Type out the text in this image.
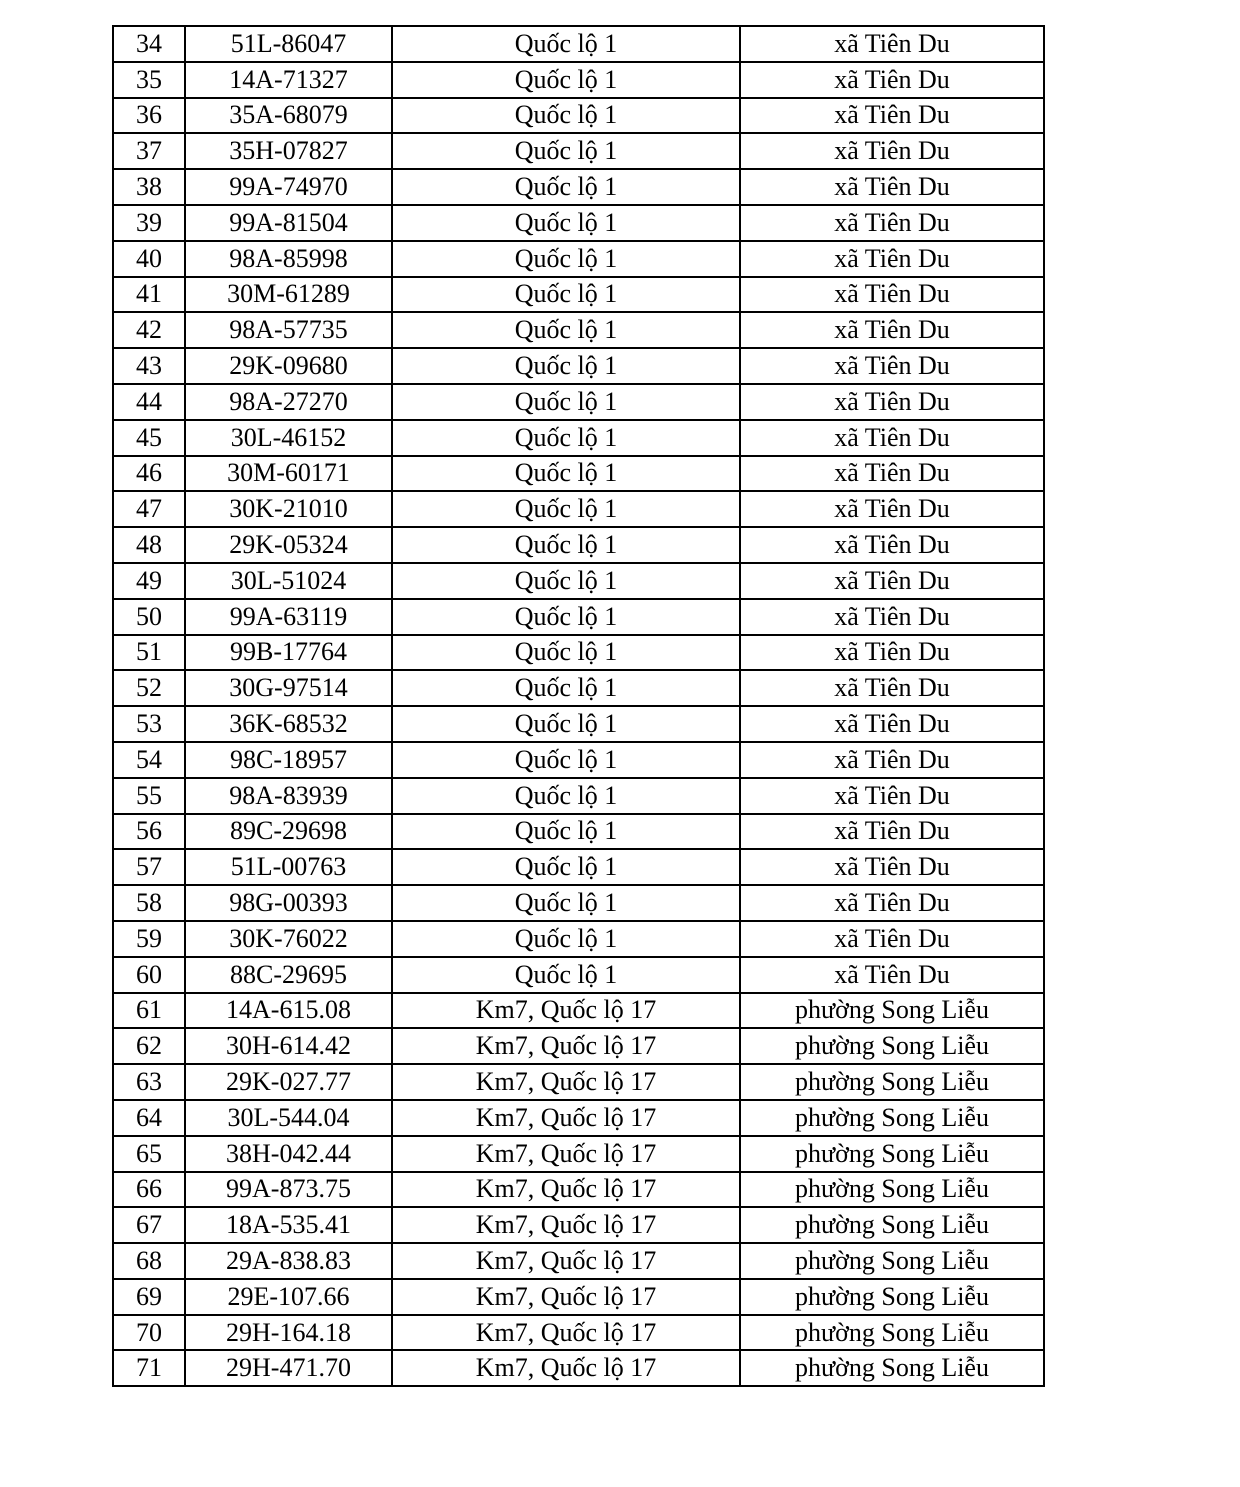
34	51L-86047	Quốc lộ 1	xã Tiên Du
35	14A-71327	Quốc lộ 1	xã Tiên Du
36	35A-68079	Quốc lộ 1	xã Tiên Du
37	35H-07827	Quốc lộ 1	xã Tiên Du
38	99A-74970	Quốc lộ 1	xã Tiên Du
39	99A-81504	Quốc lộ 1	xã Tiên Du
40	98A-85998	Quốc lộ 1	xã Tiên Du
41	30M-61289	Quốc lộ 1	xã Tiên Du
42	98A-57735	Quốc lộ 1	xã Tiên Du
43	29K-09680	Quốc lộ 1	xã Tiên Du
44	98A-27270	Quốc lộ 1	xã Tiên Du
45	30L-46152	Quốc lộ 1	xã Tiên Du
46	30M-60171	Quốc lộ 1	xã Tiên Du
47	30K-21010	Quốc lộ 1	xã Tiên Du
48	29K-05324	Quốc lộ 1	xã Tiên Du
49	30L-51024	Quốc lộ 1	xã Tiên Du
50	99A-63119	Quốc lộ 1	xã Tiên Du
51	99B-17764	Quốc lộ 1	xã Tiên Du
52	30G-97514	Quốc lộ 1	xã Tiên Du
53	36K-68532	Quốc lộ 1	xã Tiên Du
54	98C-18957	Quốc lộ 1	xã Tiên Du
55	98A-83939	Quốc lộ 1	xã Tiên Du
56	89C-29698	Quốc lộ 1	xã Tiên Du
57	51L-00763	Quốc lộ 1	xã Tiên Du
58	98G-00393	Quốc lộ 1	xã Tiên Du
59	30K-76022	Quốc lộ 1	xã Tiên Du
60	88C-29695	Quốc lộ 1	xã Tiên Du
61	14A-615.08	Km7, Quốc lộ 17	phường Song Liễu
62	30H-614.42	Km7, Quốc lộ 17	phường Song Liễu
63	29K-027.77	Km7, Quốc lộ 17	phường Song Liễu
64	30L-544.04	Km7, Quốc lộ 17	phường Song Liễu
65	38H-042.44	Km7, Quốc lộ 17	phường Song Liễu
66	99A-873.75	Km7, Quốc lộ 17	phường Song Liễu
67	18A-535.41	Km7, Quốc lộ 17	phường Song Liễu
68	29A-838.83	Km7, Quốc lộ 17	phường Song Liễu
69	29E-107.66	Km7, Quốc lộ 17	phường Song Liễu
70	29H-164.18	Km7, Quốc lộ 17	phường Song Liễu
71	29H-471.70	Km7, Quốc lộ 17	phường Song Liễu
